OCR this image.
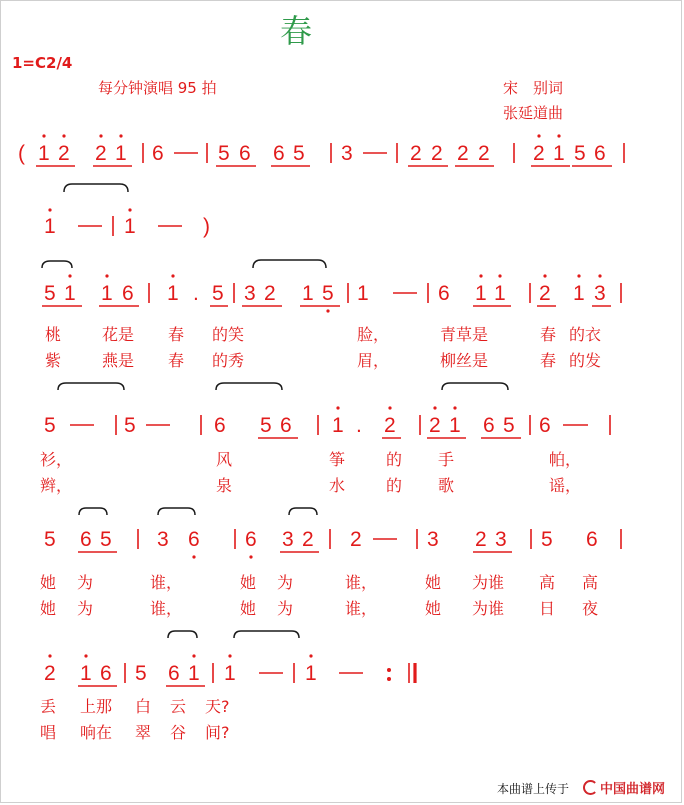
春
1=C2/4
每分钟演唱 95 拍	宋　别词
张延道曲
( 1 2 2 1 6	5 6 6 5 3	2 2 2 2 2 1 5 6
1	1	)
5 1 1 6 1 . 5 3 2 1 5 1	6 1 1 2 1 3
桃	花是 春 的笑	脸，	青草是	春 的衣
紫	燕是 春 的秀	眉，	柳丝是	春 的发
5	5	6 5 6 1 . 2 2 1 6 5 6
衫，	风	筝	的 手	帕，
辫，	泉	水	的 歌	谣，
5 6 5 3 6 6 3 2 2	3 2 3 5 6
她 为	谁，	她 为	谁，	她 为谁 高 高
她 为	谁，	她 为	谁，	她 为谁 日 夜
2 1 6 5 6 1 1	1
丢 上那 白 云 天?
唱 响在 翠 谷 间?
本曲谱上传于	中国曲谱网
